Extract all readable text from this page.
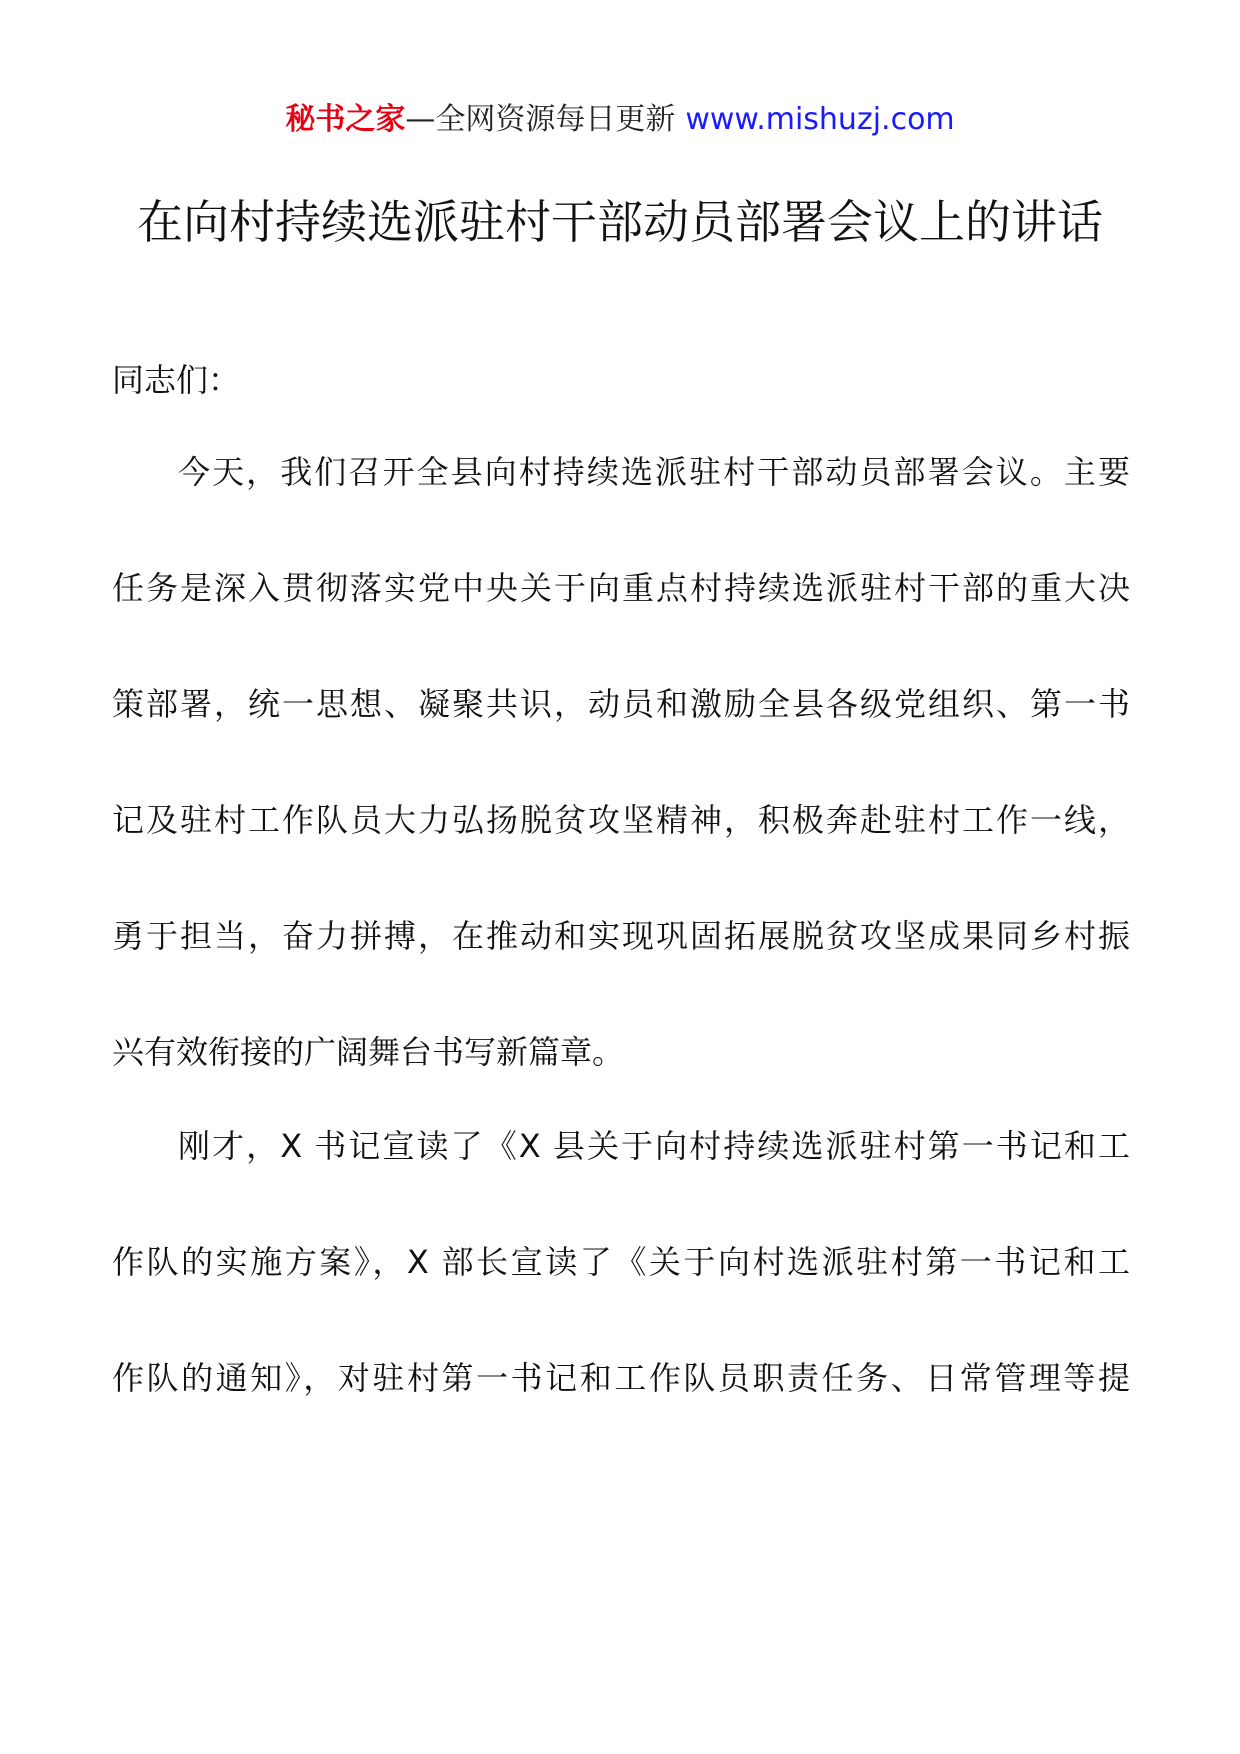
秘书之家—全网资源每日更新 www.mishuzj.com
在向村持续选派驻村干部动员部署会议上的讲话
同志们：
今天，我们召开全县向村持续选派驻村干部动员部署会议。主要
任务是深入贯彻落实党中央关于向重点村持续选派驻村干部的重大决
策部署，统一思想、凝聚共识，动员和激励全县各级党组织、第一书
记及驻村工作队员大力弘扬脱贫攻坚精神，积极奔赴驻村工作一线，
勇于担当，奋力拼搏，在推动和实现巩固拓展脱贫攻坚成果同乡村振
兴有效衔接的广阔舞台书写新篇章。
刚才，X 书记宣读了《X 县关于向村持续选派驻村第一书记和工
作队的实施方案》，X 部长宣读了《关于向村选派驻村第一书记和工
作队的通知》，对驻村第一书记和工作队员职责任务、日常管理等提
